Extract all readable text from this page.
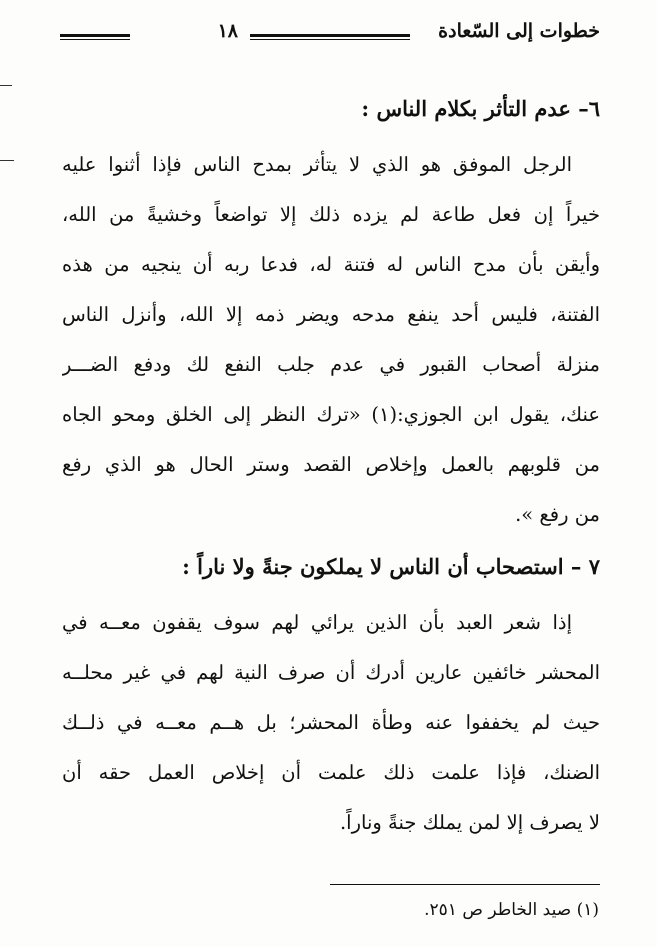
خطوات إلى السّعادة
١٨
٦– عدم التأثر بكلام الناس :
الرجل الموفق هو الذي لا يتأثر بمدح الناس فإذا أثنوا عليه
خيراً إن فعل طاعة لم يزده ذلك إلا تواضعاً وخشيةً من الله،
وأيقن بأن مدح الناس له فتنة له، فدعا ربه أن ينجيه من هذه
الفتنة، فليس أحد ينفع مدحه ويضر ذمه إلا الله، وأنزل الناس
منزلة أصحاب القبور في عدم جلب النفع لك ودفع الضـــر
عنك، يقول ابن الجوزي:(١) «ترك النظر إلى الخلق ومحو الجاه
من قلوبهم بالعمل وإخلاص القصد وستر الحال هو الذي رفع
من رفع ».
٧ – استصحاب أن الناس لا يملكون جنةً ولا ناراً :
إذا شعر العبد بأن الذين يرائي لهم سوف يقفون معــه في
المحشر خائفين عارين أدرك أن صرف النية لهم في غير محلــه
حيث لم يخففوا عنه وطأة المحشر؛ بل هــم معــه في ذلــك
الضنك، فإذا علمت ذلك علمت أن إخلاص العمل حقه أن
لا يصرف إلا لمن يملك جنةً وناراً.
(١) صيد الخاطر ص ٢٥١.
